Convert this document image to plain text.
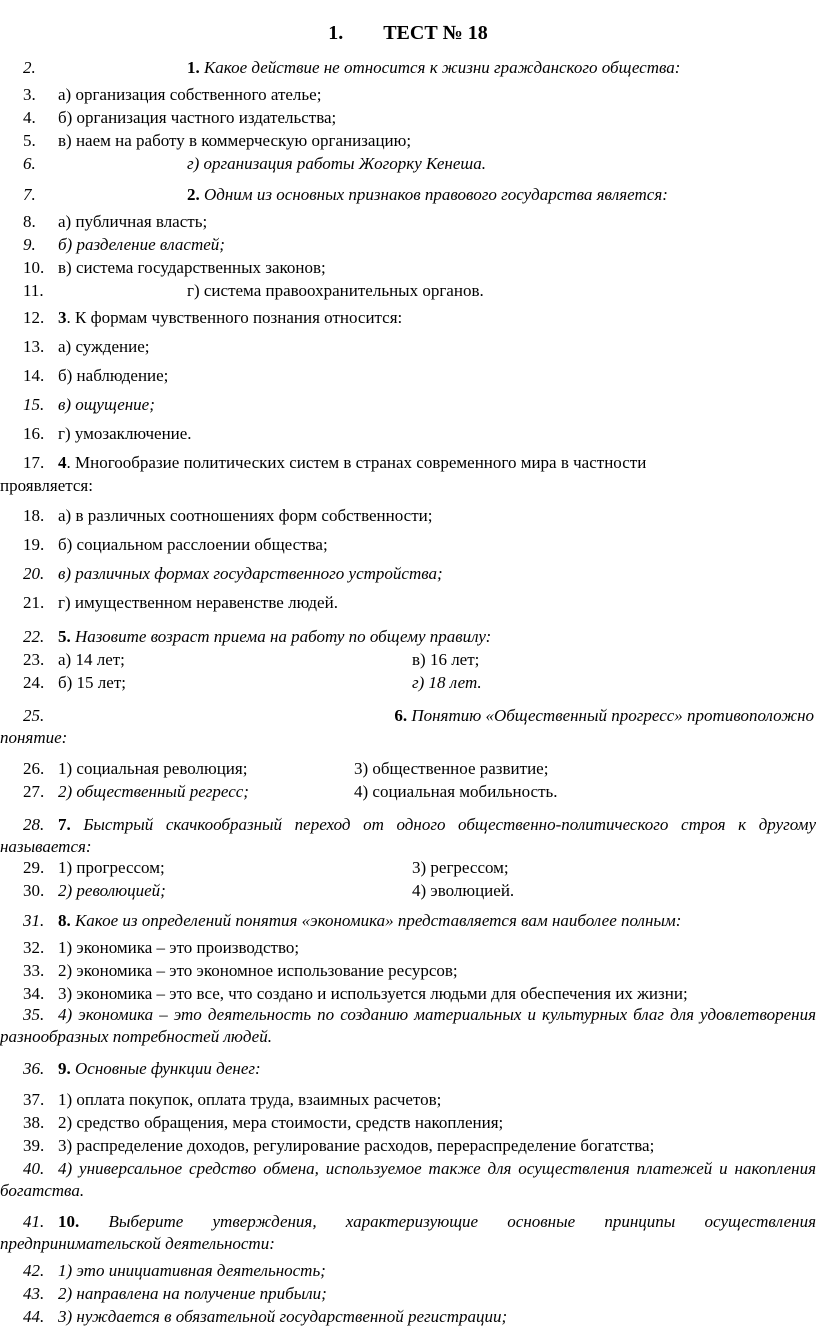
1. ТЕСТ № 18
2.	1. Какое действие не относится к жизни гражданского общества:
3. а) организация собственного ателье;
4. б) организация частного издательства;
5. в) наем на работу в коммерческую организацию;
6.	г) организация работы Жогорку Кенеша.
7.	2. Одним из основных признаков правового государства является:
8. а) публичная власть;
9. б) разделение властей;
10. в) система государственных законов;
11.	г) система правоохранительных органов.
12. 3. К формам чувственного познания относится:
13. а) суждение;
14. б) наблюдение;
15. в) ощущение;
16. г) умозаключение.
17. 4. Многообразие политических систем в странах современного мира в частности
проявляется:
18. а) в различных соотношениях форм собственности;
19. б) социальном расслоении общества;
20. в) различных формах государственного устройства;
21. г) имущественном неравенстве людей.
22. 5. Назовите возраст приема на работу по общему правилу:
23. а) 14 лет;	в) 16 лет;
24. б) 15 лет;	г) 18 лет.
25.	6. Понятию «Общественный прогресс» противоположно
понятие:
26. 1) социальная революция;	3) общественное развитие;
27. 2) общественный регресс;	4) социальная мобильность.
28. 7. Быстрый скачкообразный переход от одного общественно-политического строя к другому называется:
29. 1) прогрессом;	3) регрессом;
30. 2) революцией;	4) эволюцией.
31. 8. Какое из определений понятия «экономика» представляется вам наиболее полным:
32. 1) экономика – это производство;
33. 2) экономика – это экономное использование ресурсов;
34. 3) экономика – это все, что создано и используется людьми для обеспечения их жизни;
35. 4) экономика – это деятельность по созданию материальных и культурных благ для удовлетворения разнообразных потребностей людей.
36. 9. Основные функции денег:
37. 1) оплата покупок, оплата труда, взаимных расчетов;
38. 2) средство обращения, мера стоимости, средств накопления;
39. 3) распределение доходов, регулирование расходов, перераспределение богатства;
40. 4) универсальное средство обмена, используемое также для осуществления платежей и накопления богатства.
41. 10. Выберите утверждения, характеризующие основные принципы осуществления предпринимательской деятельности:
42. 1) это инициативная деятельность;
43. 2) направлена на получение прибыли;
44. 3) нуждается в обязательной государственной регистрации;
